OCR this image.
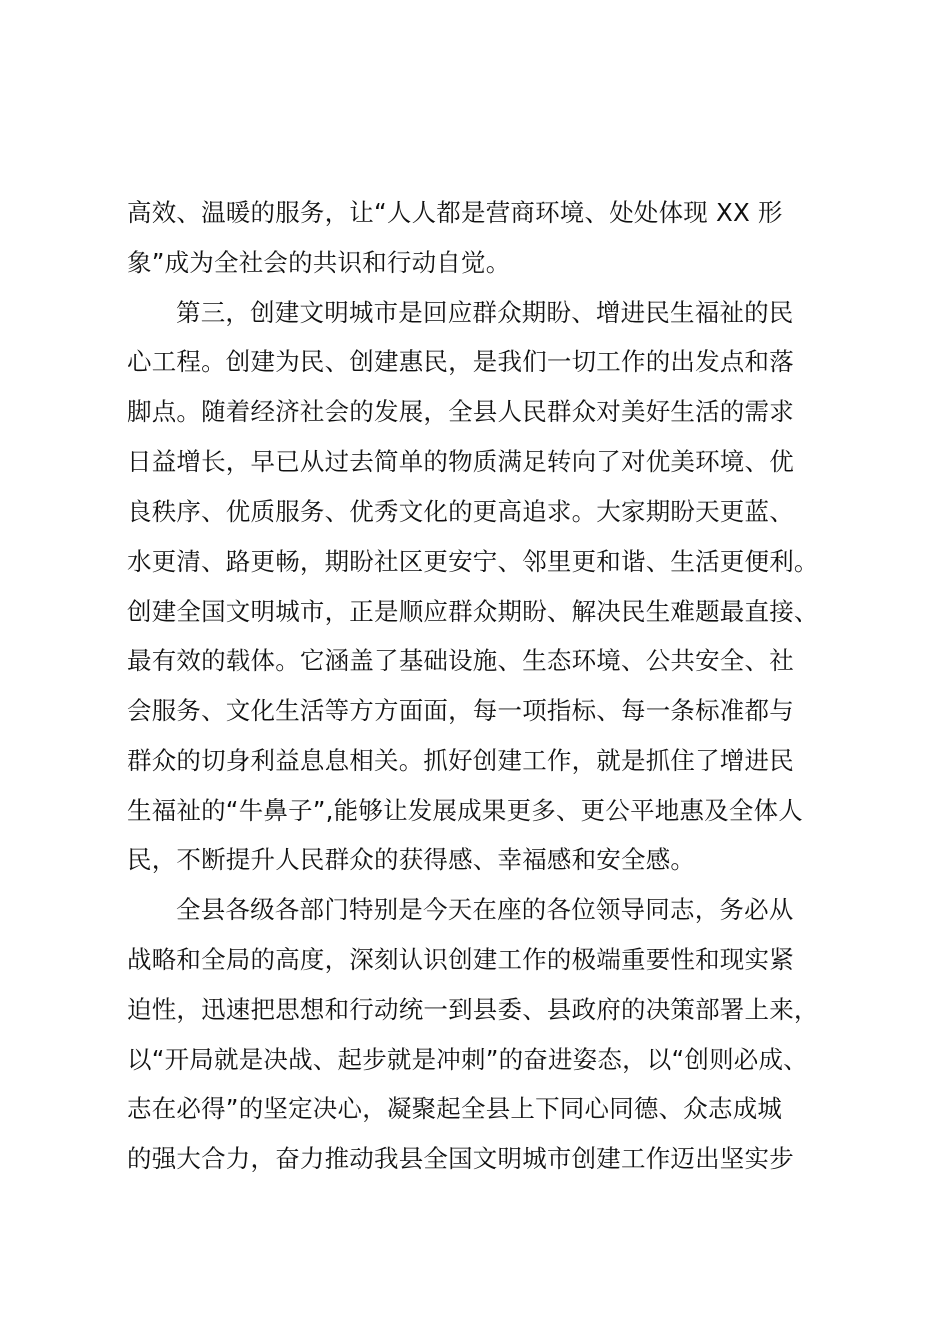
高效、温暖的服务，让“人人都是营商环境、处处体现 XX 形
象”成为全社会的共识和行动自觉。
第三，创建文明城市是回应群众期盼、增进民生福祉的民
心工程。创建为民、创建惠民，是我们一切工作的出发点和落
脚点。随着经济社会的发展，全县人民群众对美好生活的需求
日益增长，早已从过去简单的物质满足转向了对优美环境、优
良秩序、优质服务、优秀文化的更高追求。大家期盼天更蓝、
水更清、路更畅，期盼社区更安宁、邻里更和谐、生活更便利。
创建全国文明城市，正是顺应群众期盼、解决民生难题最直接、
最有效的载体。它涵盖了基础设施、生态环境、公共安全、社
会服务、文化生活等方方面面，每一项指标、每一条标准都与
群众的切身利益息息相关。抓好创建工作，就是抓住了增进民
生福祉的“牛鼻子”,能够让发展成果更多、更公平地惠及全体人
民，不断提升人民群众的获得感、幸福感和安全感。
全县各级各部门特别是今天在座的各位领导同志，务必从
战略和全局的高度，深刻认识创建工作的极端重要性和现实紧
迫性，迅速把思想和行动统一到县委、县政府的决策部署上来，
以“开局就是决战、起步就是冲刺”的奋进姿态，以“创则必成、
志在必得”的坚定决心，凝聚起全县上下同心同德、众志成城
的强大合力，奋力推动我县全国文明城市创建工作迈出坚实步
